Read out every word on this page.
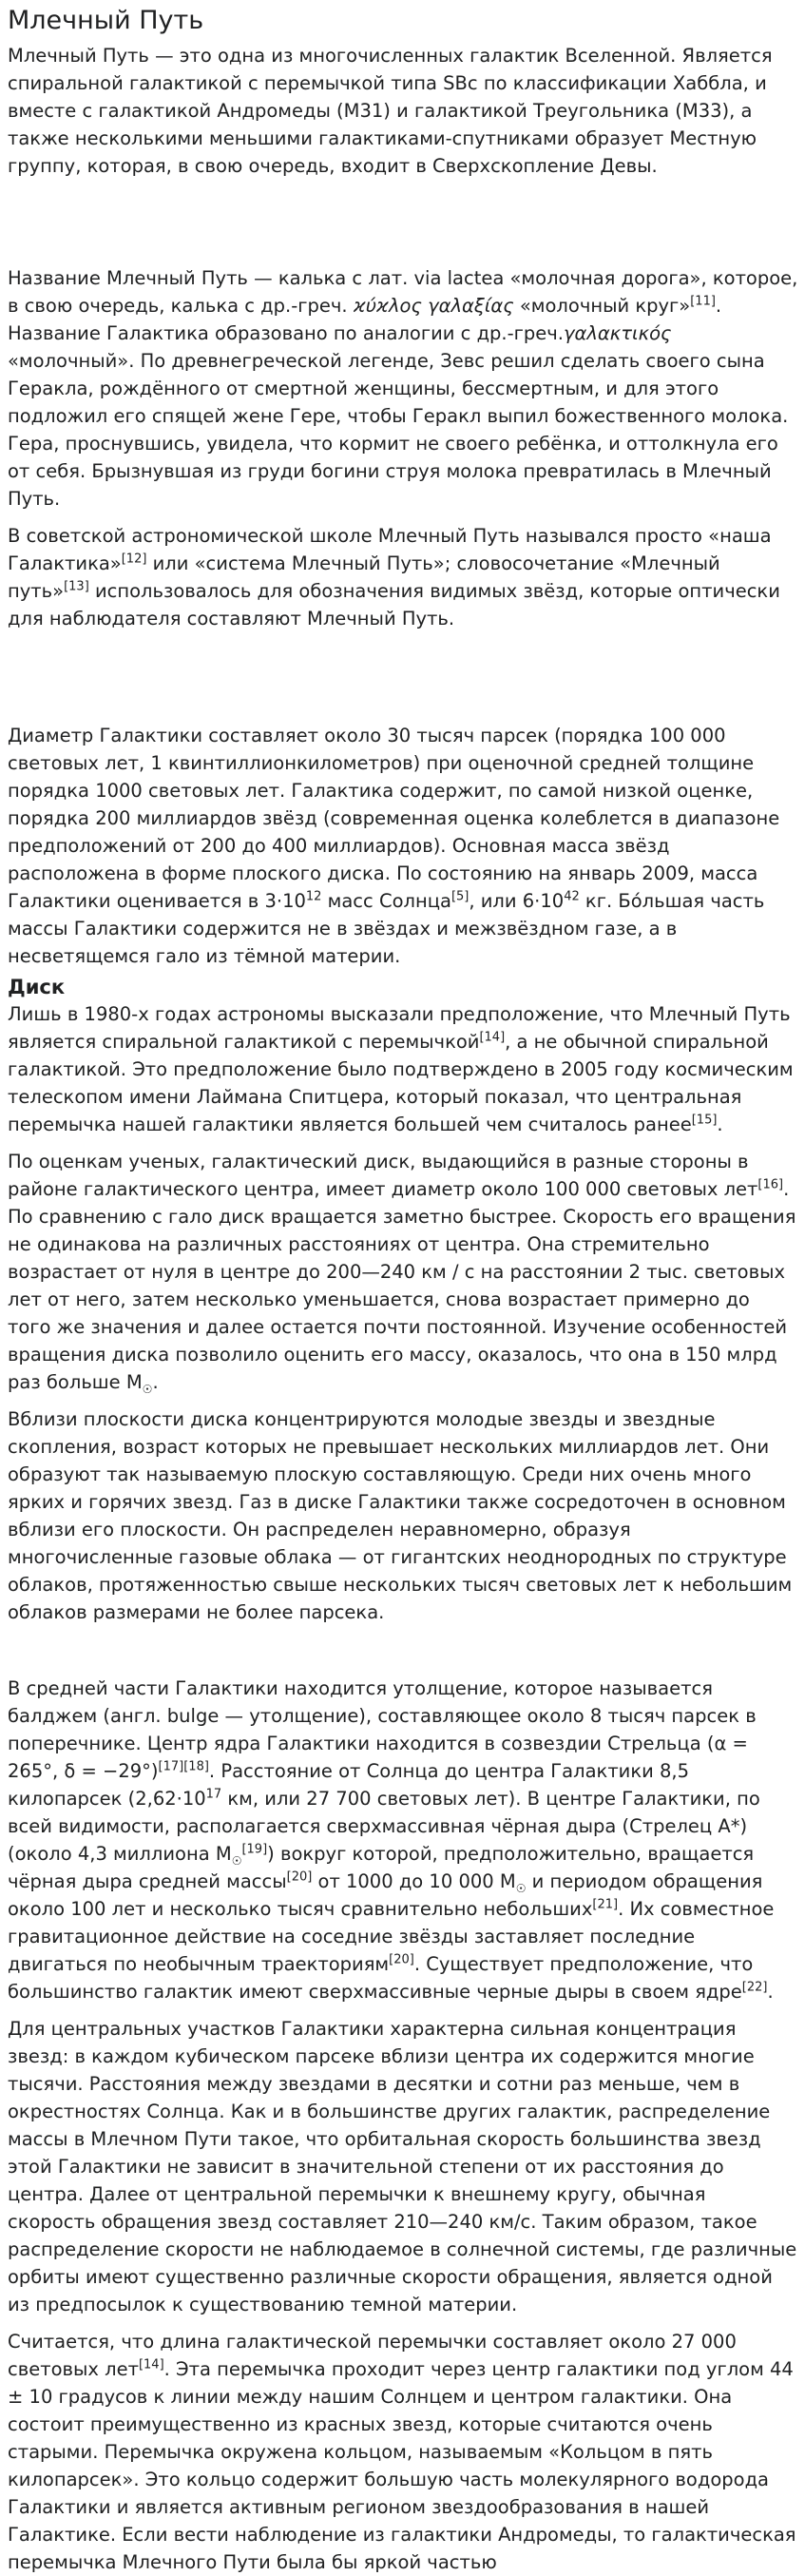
Млечный Путь

Млечный Путь — это одна из многочисленных галактик Вселенной. Является спиральной галактикой с перемычкой типа SBc по классификации Хаббла, и вместе с галактикой Андромеды (M31) и галактикой Треугольника (M33), а также несколькими меньшими галактиками-спутниками образует Местную группу, которая, в свою очередь, входит в Сверхскопление Девы.

Название Млечный Путь — калька с лат. via lactea «молочная дорога», которое, в свою очередь, калька с др.-греч. ϰύϰλος γαλαξίας «молочный круг»[11]. Название Галактика образовано по аналогии с др.-греч.γαλακτικός «молочный». По древнегреческой легенде, Зевс решил сделать своего сына Геракла, рождённого от смертной женщины, бессмертным, и для этого подложил его спящей жене Гере, чтобы Геракл выпил божественного молока. Гера, проснувшись, увидела, что кормит не своего ребёнка, и оттолкнула его от себя. Брызнувшая из груди богини струя молока превратилась в Млечный Путь.

В советской астрономической школе Млечный Путь назывался просто «наша Галактика»[12] или «система Млечный Путь»; словосочетание «Млечный путь»[13] использовалось для обозначения видимых звёзд, которые оптически для наблюдателя составляют Млечный Путь.

Диаметр Галактики составляет около 30 тысяч парсек (порядка 100 000 световых лет, 1 квинтиллионкилометров) при оценочной средней толщине порядка 1000 световых лет. Галактика содержит, по самой низкой оценке, порядка 200 миллиардов звёзд (современная оценка колеблется в диапазоне предположений от 200 до 400 миллиардов). Основная масса звёзд расположена в форме плоского диска. По состоянию на январь 2009, масса Галактики оценивается в $3\cdot 10^{12}$ масс Солнца[5], или $6\cdot 10^{42}$ кг. Бо́льшая часть массы Галактики содержится не в звёздах и межзвёздном газе, а в несветящемся гало из тёмной материи.

Диск

Лишь в 1980-х годах астрономы высказали предположение, что Млечный Путь является спиральной галактикой с перемычкой[14], а не обычной спиральной галактикой. Это предположение было подтверждено в 2005 году космическим телескопом имени Лаймана Спитцера, который показал, что центральная перемычка нашей галактики является большей чем считалось ранее[15].

По оценкам ученых, галактический диск, выдающийся в разные стороны в районе галактического центра, имеет диаметр около 100 000 световых лет[16]. По сравнению с гало диск вращается заметно быстрее. Скорость его вращения не одинакова на различных расстояниях от центра. Она стремительно возрастает от нуля в центре до 200—240 км / с на расстоянии 2 тыс. световых лет от него, затем несколько уменьшается, снова возрастает примерно до того же значения и далее остается почти постоянной. Изучение особенностей вращения диска позволило оценить его массу, оказалось, что она в 150 млрд раз больше $M_☉$.

Вблизи плоскости диска концентрируются молодые звезды и звездные скопления, возраст которых не превышает нескольких миллиардов лет. Они образуют так называемую плоскую составляющую. Среди них очень много ярких и горячих звезд. Газ в диске Галактики также сосредоточен в основном вблизи его плоскости. Он распределен неравномерно, образуя многочисленные газовые облака — от гигантских неоднородных по структуре облаков, протяженностью свыше нескольких тысяч световых лет к небольшим облаков размерами не более парсека.

В средней части Галактики находится утолщение, которое называется балджем (англ. bulge — утолщение), составляющее около 8 тысяч парсек в поперечнике. Центр ядра Галактики находится в созвездии Стрельца (α = 265°, δ = −29°)[17][18]. Расстояние от Солнца до центра Галактики 8,5 килопарсек ($2,62\cdot 10^{17}$ км, или 27 700 световых лет). В центре Галактики, по всей видимости, располагается сверхмассивная чёрная дыра (Стрелец A*) (около 4,3 миллиона $M_☉[19]$) вокруг которой, предположительно, вращается чёрная дыра средней массы[20] от 1000 до 10 000 $M_☉$ и периодом обращения около 100 лет и несколько тысяч сравнительно небольших[21]. Их совместное гравитационное действие на соседние звёзды заставляет последние двигаться по необычным траекториям[20]. Существует предположение, что большинство галактик имеют сверхмассивные черные дыры в своем ядре[22].

Для центральных участков Галактики характерна сильная концентрация звезд: в каждом кубическом парсеке вблизи центра их содержится многие тысячи. Расстояния между звездами в десятки и сотни раз меньше, чем в окрестностях Солнца. Как и в большинстве других галактик, распределение массы в Млечном Пути такое, что орбитальная скорость большинства звезд этой Галактики не зависит в значительной степени от их расстояния до центра. Далее от центральной перемычки к внешнему кругу, обычная скорость обращения звезд составляет 210—240 км/с. Таким образом, такое распределение скорости не наблюдаемое в солнечной системы, где различные орбиты имеют существенно различные скорости обращения, является одной из предпосылок к существованию темной материи.

Считается, что длина галактической перемычки составляет около 27 000 световых лет[14]. Эта перемычка проходит через центр галактики под углом 44 ± 10 градусов к линии между нашим Солнцем и центром галактики. Она состоит преимущественно из красных звезд, которые считаются очень старыми. Перемычка окружена кольцом, называемым «Кольцом в пять килопарсек». Это кольцо содержит большую часть молекулярного водорода Галактики и является активным регионом звездообразования в нашей Галактике. Если вести наблюдение из галактики Андромеды, то галактическая перемычка Млечного Пути была бы яркой частью
